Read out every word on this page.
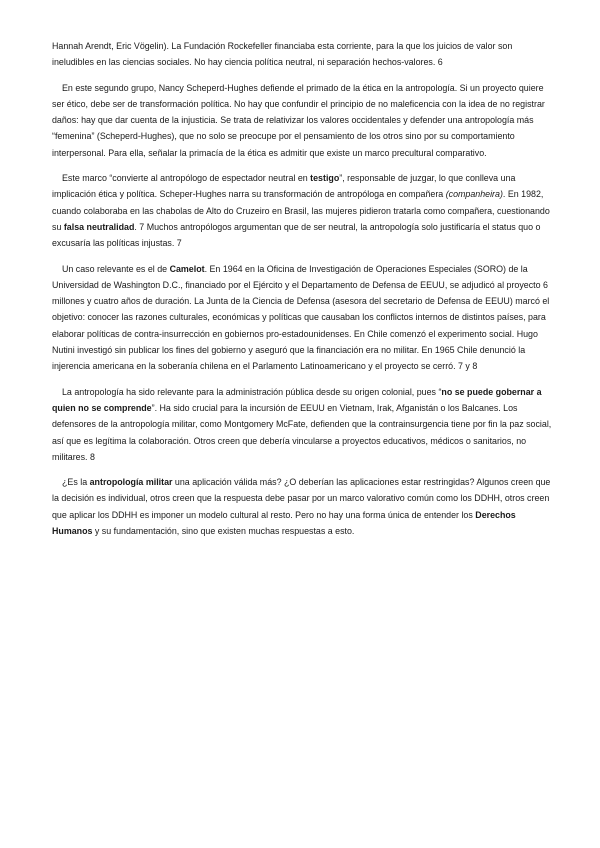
Hannah Arendt, Eric Vögelin). La Fundación Rockefeller financiaba esta corriente, para la que los juicios de valor son ineludibles en las ciencias sociales. No hay ciencia política neutral, ni separación hechos-valores. 6

En este segundo grupo, Nancy Scheperd-Hughes defiende el primado de la ética en la antropología. Si un proyecto quiere ser ético, debe ser de transformación política. No hay que confundir el principio de no maleficencia con la idea de no registrar daños: hay que dar cuenta de la injusticia. Se trata de relativizar los valores occidentales y defender una antropología más “femenina” (Scheperd-Hughes), que no solo se preocupe por el pensamiento de los otros sino por su comportamiento interpersonal. Para ella, señalar la primacía de la ética es admitir que existe un marco precultural comparativo.

Este marco “convierte al antropólogo de espectador neutral en testigo”, responsable de juzgar, lo que conlleva una implicación ética y política. Scheper-Hughes narra su transformación de antropóloga en compañera (companheira). En 1982, cuando colaboraba en las chabolas de Alto do Cruzeiro en Brasil, las mujeres pidieron tratarla como compañera, cuestionando su falsa neutralidad. 7 Muchos antropólogos argumentan que de ser neutral, la antropología solo justificaría el status quo o excusaría las políticas injustas. 7

Un caso relevante es el de Camelot. En 1964 en la Oficina de Investigación de Operaciones Especiales (SORO) de la Universidad de Washington D.C., financiado por el Ejército y el Departamento de Defensa de EEUU, se adjudicó al proyecto 6 millones y cuatro años de duración. La Junta de la Ciencia de Defensa (asesora del secretario de Defensa de EEUU) marcó el objetivo: conocer las razones culturales, económicas y políticas que causaban los conflictos internos de distintos países, para elaborar políticas de contra-insurrección en gobiernos pro-estadounidenses. En Chile comenzó el experimento social. Hugo Nutini investigó sin publicar los fines del gobierno y aseguró que la financiación era no militar. En 1965 Chile denunció la injerencia americana en la soberanía chilena en el Parlamento Latinoamericano y el proyecto se cerró. 7 y 8

La antropología ha sido relevante para la administración pública desde su origen colonial, pues “no se puede gobernar a quien no se comprende”. Ha sido crucial para la incursión de EEUU en Vietnam, Irak, Afganistán o los Balcanes. Los defensores de la antropología militar, como Montgomery McFate, defienden que la contrainsurgencia tiene por fin la paz social, así que es legítima la colaboración. Otros creen que debería vincularse a proyectos educativos, médicos o sanitarios, no militares. 8

¿Es la antropología militar una aplicación válida más? ¿O deberían las aplicaciones estar restringidas? Algunos creen que la decisión es individual, otros creen que la respuesta debe pasar por un marco valorativo común como los DDHH, otros creen que aplicar los DDHH es imponer un modelo cultural al resto. Pero no hay una forma única de entender los Derechos Humanos y su fundamentación, sino que existen muchas respuestas a esto.
